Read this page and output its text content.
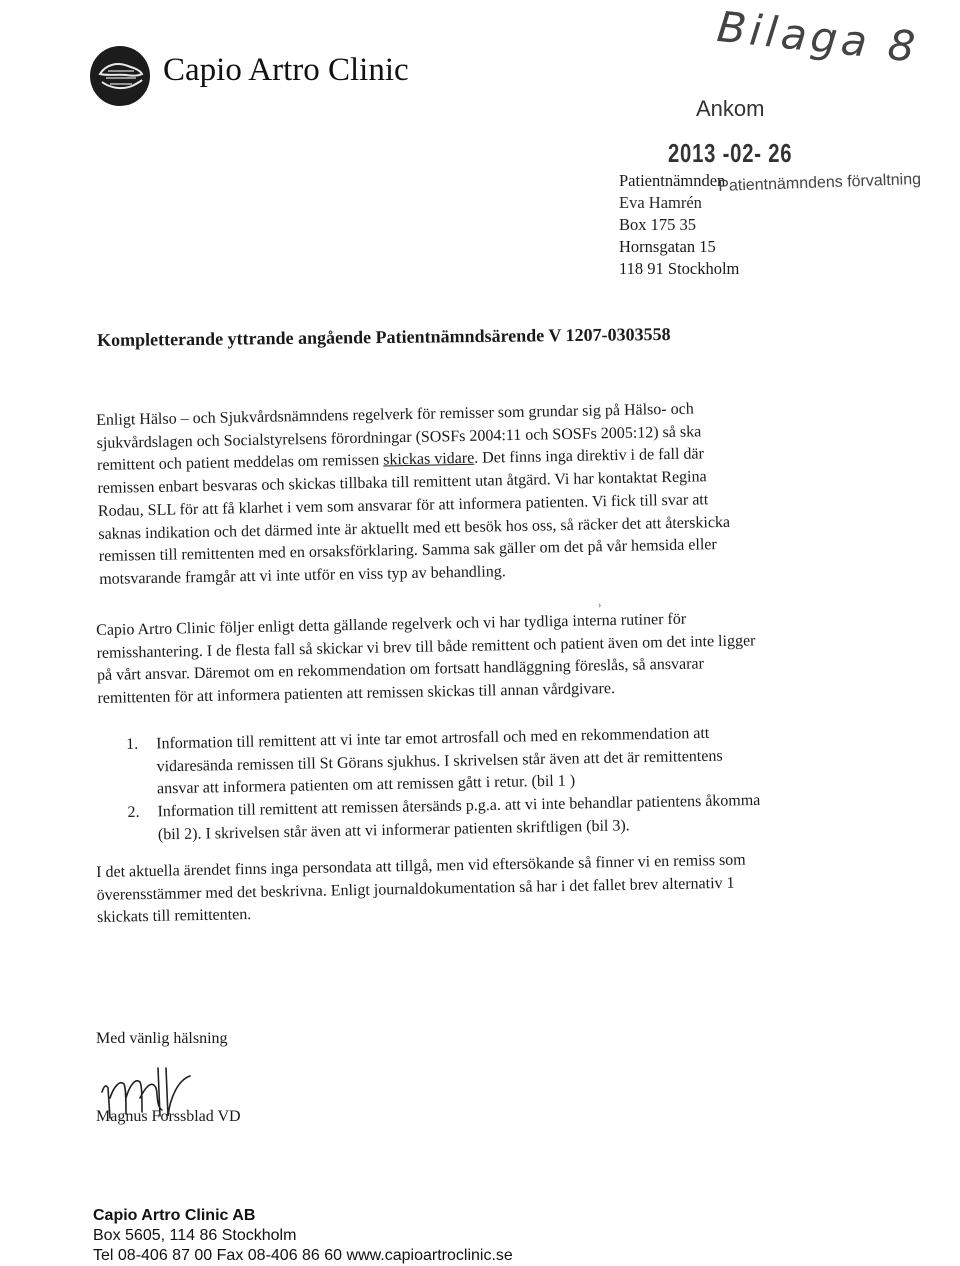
Capio Artro Clinic	Bilaga 8
Ankom
2013 -02- 26
Patientnämnden
Eva Hamrén
Box 175 35
Hornsgatan 15
118 91 Stockholm
Patientnämndens förvaltning
Kompletterande yttrande angående Patientnämndsärende V 1207-0303558
Enligt Hälso – och Sjukvårdsnämndens regelverk för remisser som grundar sig på Hälso- och
sjukvårdslagen och Socialstyrelsens förordningar (SOSFs 2004:11 och SOSFs 2005:12) så ska
remittent och patient meddelas om remissen skickas vidare. Det finns inga direktiv i de fall där
remissen enbart besvaras och skickas tillbaka till remittent utan åtgärd. Vi har kontaktat Regina
Rodau, SLL för att få klarhet i vem som ansvarar för att informera patienten. Vi fick till svar att
saknas indikation och det därmed inte är aktuellt med ett besök hos oss, så räcker det att återskicka
remissen till remittenten med en orsaksförklaring. Samma sak gäller om det på vår hemsida eller
motsvarande framgår att vi inte utför en viss typ av behandling.
›
Capio Artro Clinic följer enligt detta gällande regelverk och vi har tydliga interna rutiner för
remisshantering. I de flesta fall så skickar vi brev till både remittent och patient även om det inte ligger
på vårt ansvar. Däremot om en rekommendation om fortsatt handläggning föreslås, så ansvarar
remittenten för att informera patienten att remissen skickas till annan vårdgivare.
1.	Information till remittent att vi inte tar emot artrosfall och med en rekommendation att
vidaresända remissen till St Görans sjukhus. I skrivelsen står även att det är remittentens
ansvar att informera patienten om att remissen gått i retur. (bil 1 )
2.	Information till remittent att remissen återsänds p.g.a. att vi inte behandlar patientens åkomma
(bil 2). I skrivelsen står även att vi informerar patienten skriftligen (bil 3).
I det aktuella ärendet finns inga persondata att tillgå, men vid eftersökande så finner vi en remiss som
överensstämmer med det beskrivna. Enligt journaldokumentation så har i det fallet brev alternativ 1
skickats till remittenten.
Med vänlig hälsning
Magnus Forssblad VD
Capio Artro Clinic AB
Box 5605, 114 86 Stockholm
Tel 08-406 87 00 Fax 08-406 86 60 www.capioartroclinic.se
